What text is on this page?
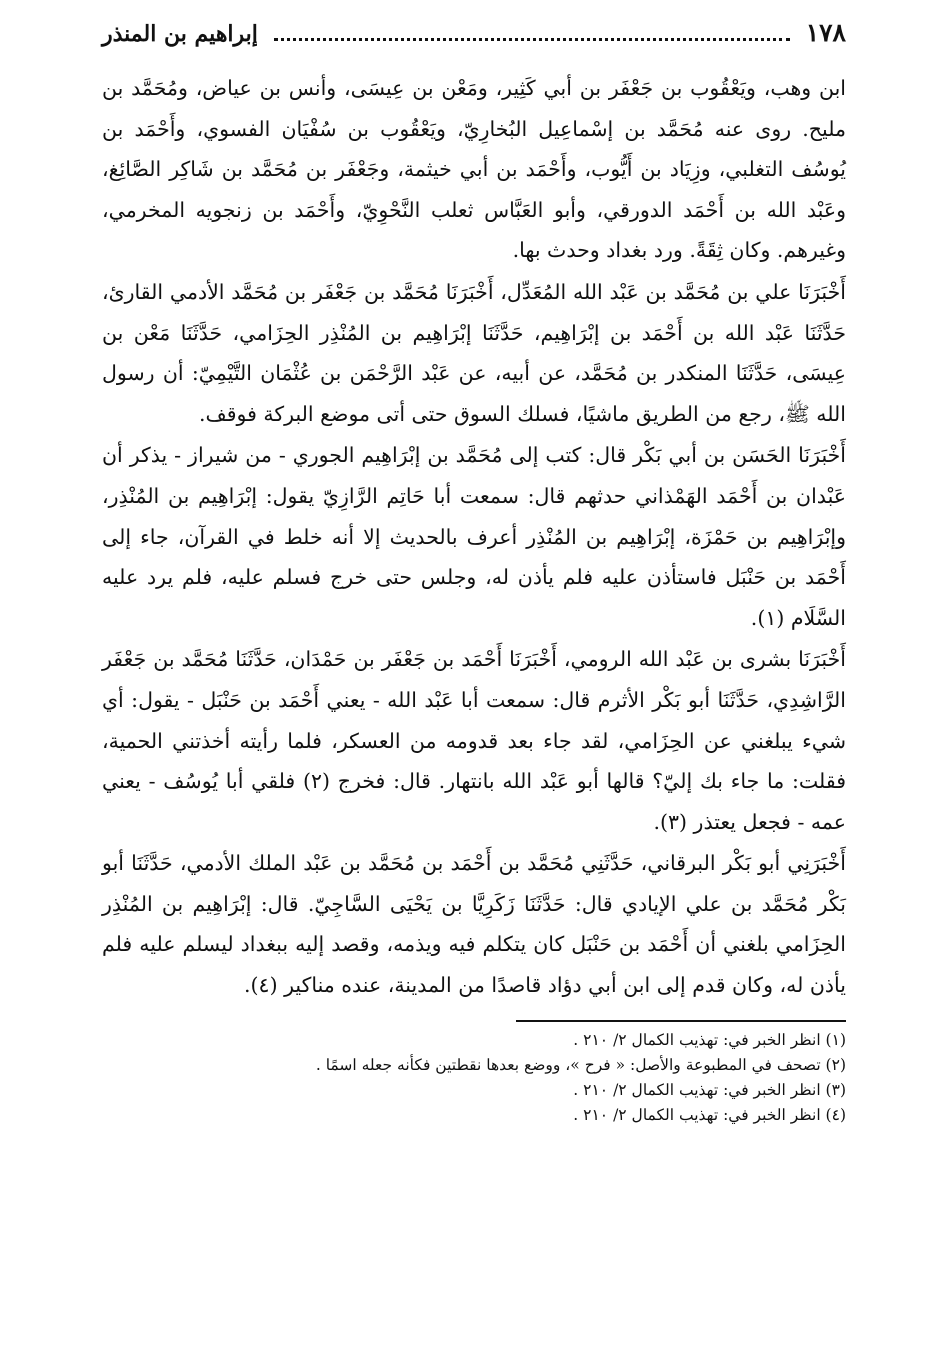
١٧٨
إبراهيم بن المنذر

ابن وهب، ويَعْقُوب بن جَعْفَر بن أبي كَثِير، ومَعْن بن عِيسَى، وأنس بن عياض، ومُحَمَّد بن مليح. روى عنه مُحَمَّد بن إسْماعِيل البُخارِيّ، ويَعْقُوب بن سُفْيَان الفسوي، وأَحْمَد بن يُوسُف التغلبي، وزِيَاد بن أَيُّوب، وأَحْمَد بن أبي خيثمة، وجَعْفَر بن مُحَمَّد بن شَاكِر الصَّائِغ، وعَبْد الله بن أَحْمَد الدورقي، وأبو العَبَّاس ثعلب النَّحْوِيّ، وأَحْمَد بن زنجويه المخرمي، وغيرهم. وكان ثِقَةً. ورد بغداد وحدث بها.

أَخْبَرَنَا علي بن مُحَمَّد بن عَبْد الله المُعَدِّل، أَخْبَرَنَا مُحَمَّد بن جَعْفَر بن مُحَمَّد الأدمي القارئ، حَدَّثَنَا عَبْد الله بن أَحْمَد بن إبْرَاهِيم، حَدَّثَنَا إبْرَاهِيم بن المُنْذِر الحِزَامي، حَدَّثَنَا مَعْن بن عِيسَى، حَدَّثَنَا المنكدر بن مُحَمَّد، عن أبيه، عن عَبْد الرَّحْمَن بن عُثْمَان التَّيْمِيّ: أن رسول الله ﷺ، رجع من الطريق ماشيًا، فسلك السوق حتى أتى موضع البركة فوقف.

أَخْبَرَنَا الحَسَن بن أبي بَكْر قال: كتب إلى مُحَمَّد بن إبْرَاهِيم الجوري - من شيراز - يذكر أن عَبْدان بن أَحْمَد الهَمْذاني حدثهم قال: سمعت أبا حَاتِم الرَّازِيّ يقول: إبْرَاهِيم بن المُنْذِر، وإبْرَاهِيم بن حَمْزَة، إبْرَاهِيم بن المُنْذِر أعرف بالحديث إلا أنه خلط في القرآن، جاء إلى أَحْمَد بن حَنْبَل فاستأذن عليه فلم يأذن له، وجلس حتى خرج فسلم عليه، فلم يرد عليه السَّلَام (١).

أَخْبَرَنَا بشرى بن عَبْد الله الرومي، أَخْبَرَنَا أَحْمَد بن جَعْفَر بن حَمْدَان، حَدَّثَنَا مُحَمَّد بن جَعْفَر الرَّاشِدِي، حَدَّثَنَا أبو بَكْر الأثرم قال: سمعت أبا عَبْد الله - يعني أَحْمَد بن حَنْبَل - يقول: أي شيء يبلغني عن الحِزَامي، لقد جاء بعد قدومه من العسكر، فلما رأيته أخذتني الحمية، فقلت: ما جاء بك إليّ؟ قالها أبو عَبْد الله بانتهار. قال: فخرج (٢) فلقي أبا يُوسُف - يعني عمه - فجعل يعتذر (٣).

أَخْبَرَنِي أبو بَكْر البرقاني، حَدَّثَنِي مُحَمَّد بن أَحْمَد بن مُحَمَّد بن عَبْد الملك الأدمي، حَدَّثَنَا أبو بَكْر مُحَمَّد بن علي الإيادي قال: حَدَّثَنَا زَكَرِيَّا بن يَحْيَى السَّاجِيّ. قال: إبْرَاهِيم بن المُنْذِر الحِزَامي بلغني أن أَحْمَد بن حَنْبَل كان يتكلم فيه ويذمه، وقصد إليه ببغداد ليسلم عليه فلم يأذن له، وكان قدم إلى ابن أبي دؤاد قاصدًا من المدينة، عنده مناكير (٤).

(١) انظر الخبر في: تهذيب الكمال ٢/ ٢١٠ .

(٢) تصحف في المطبوعة والأصل: « فرح »، ووضع بعدها نقطتين فكأنه جعله اسمًا .

(٣) انظر الخبر في: تهذيب الكمال ٢/ ٢١٠ .

(٤) انظر الخبر في: تهذيب الكمال ٢/ ٢١٠ .
